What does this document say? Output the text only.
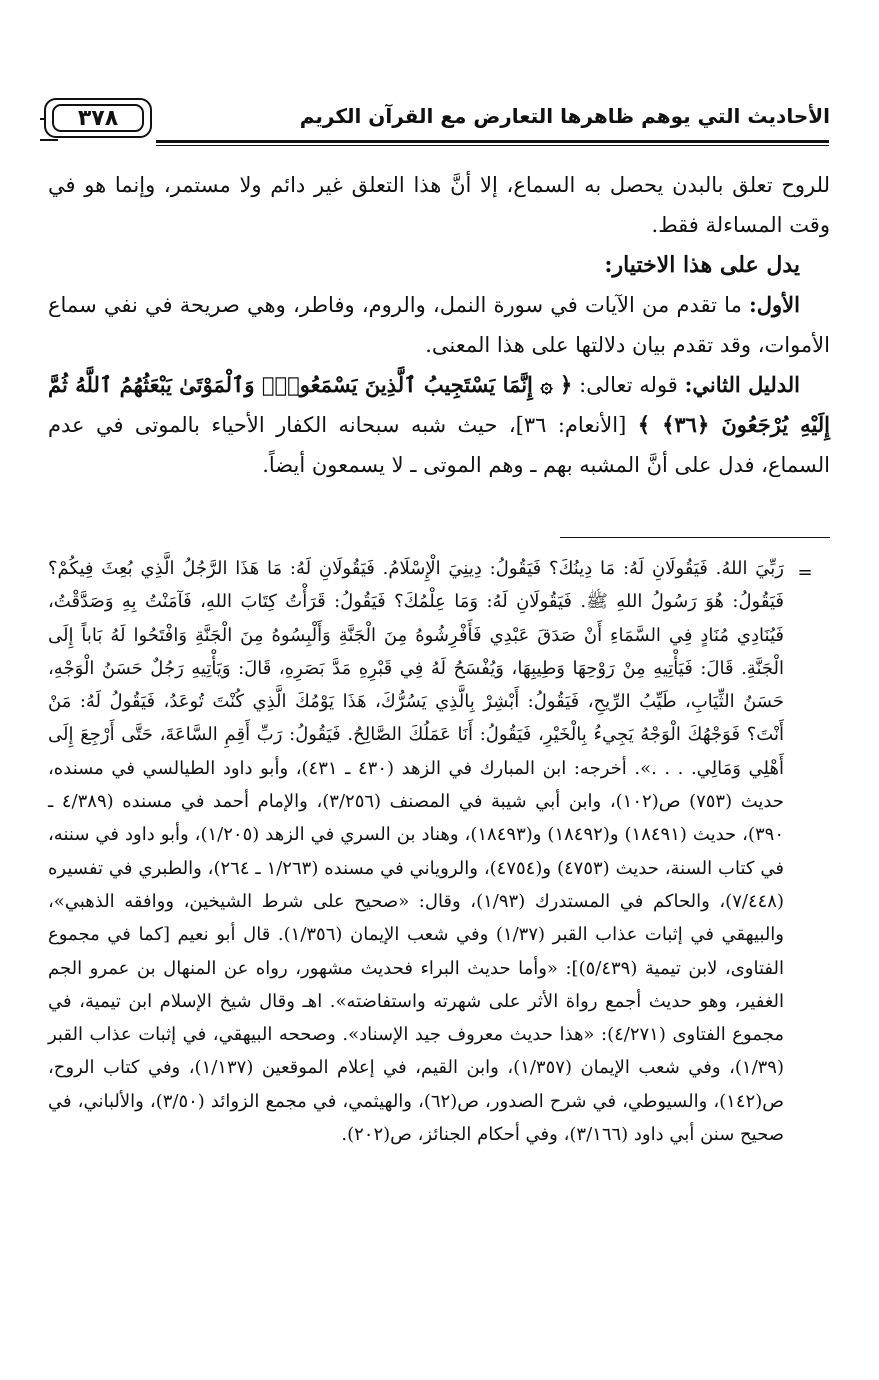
الأحاديث التي يوهم ظاهرها التعارض مع القرآن الكريم
٣٧٨

للروح تعلق بالبدن يحصل به السماع، إلا أنَّ هذا التعلق غير دائم ولا مستمر، وإنما هو في وقت المساءلة فقط.

يدل على هذا الاختيار:

الأول: ما تقدم من الآيات في سورة النمل، والروم، وفاطر، وهي صريحة في نفي سماع الأموات، وقد تقدم بيان دلالتها على هذا المعنى.

الدليل الثاني: قوله تعالى: ﴿ ۞ إِنَّمَا يَسْتَجِيبُ ٱلَّذِينَ يَسْمَعُونَۘ وَٱلْمَوْتَىٰ يَبْعَثُهُمُ ٱللَّهُ ثُمَّ إِلَيْهِ يُرْجَعُونَ ﴿٣٦﴾ ﴾ [الأنعام: ٣٦]، حيث شبه سبحانه الكفار الأحياء بالموتى في عدم السماع، فدل على أنَّ المشبه بهم ـ وهم الموتى ـ لا يسمعون أيضاً.

=

رَبِّيَ اللهُ. فَيَقُولَانِ لَهُ: مَا دِينُكَ؟ فَيَقُولُ: دِينِيَ الْإِسْلَامُ. فَيَقُولَانِ لَهُ: مَا هَذَا الرَّجُلُ الَّذِي بُعِثَ فِيكُمْ؟ فَيَقُولُ: هُوَ رَسُولُ اللهِ ﷺ. فَيَقُولَانِ لَهُ: وَمَا عِلْمُكَ؟ فَيَقُولُ: قَرَأْتُ كِتَابَ اللهِ، فَآمَنْتُ بِهِ وَصَدَّقْتُ، فَيُنَادِي مُنَادٍ فِي السَّمَاءِ أَنْ صَدَقَ عَبْدِي فَأَفْرِشُوهُ مِنَ الْجَنَّةِ وَأَلْبِسُوهُ مِنَ الْجَنَّةِ وَافْتَحُوا لَهُ بَاباً إِلَى الْجَنَّةِ. قَالَ: فَيَأْتِيهِ مِنْ رَوْحِهَا وَطِيبِهَا، وَيُفْسَحُ لَهُ فِي قَبْرِهِ مَدَّ بَصَرِهِ، قَالَ: وَيَأْتِيهِ رَجُلٌ حَسَنُ الْوَجْهِ، حَسَنُ الثِّيَابِ، طَيِّبُ الرِّيحِ، فَيَقُولُ: أَبْشِرْ بِالَّذِي يَسُرُّكَ، هَذَا يَوْمُكَ الَّذِي كُنْتَ تُوعَدُ، فَيَقُولُ لَهُ: مَنْ أَنْتَ؟ فَوَجْهُكَ الْوَجْهُ يَجِيءُ بِالْخَيْرِ، فَيَقُولُ: أَنَا عَمَلُكَ الصَّالِحُ. فَيَقُولُ: رَبِّ أَقِمِ السَّاعَةَ، حَتَّى أَرْجِعَ إِلَى أَهْلِي وَمَالِي. . . .». أخرجه: ابن المبارك في الزهد (٤٣٠ ـ ٤٣١)، وأبو داود الطيالسي في مسنده، حديث (٧٥٣) ص(١٠٢)، وابن أبي شيبة في المصنف (٣/٢٥٦)، والإمام أحمد في مسنده (٤/٣٨٩ ـ ٣٩٠)، حديث (١٨٤٩١) و(١٨٤٩٢) و(١٨٤٩٣)، وهناد بن السري في الزهد (١/٢٠٥)، وأبو داود في سننه، في كتاب السنة، حديث (٤٧٥٣) و(٤٧٥٤)، والروياني في مسنده (١/٢٦٣ ـ ٢٦٤)، والطبري في تفسيره (٧/٤٤٨)، والحاكم في المستدرك (١/٩٣)، وقال: «صحيح على شرط الشيخين، ووافقه الذهبي»، والبيهقي في إثبات عذاب القبر (١/٣٧) وفي شعب الإيمان (١/٣٥٦). قال أبو نعيم [كما في مجموع الفتاوى، لابن تيمية (٥/٤٣٩)]: «وأما حديث البراء فحديث مشهور، رواه عن المنهال بن عمرو الجم الغفير، وهو حديث أجمع رواة الأثر على شهرته واستفاضته». اهـ وقال شيخ الإسلام ابن تيمية، في مجموع الفتاوى (٤/٢٧١): «هذا حديث معروف جيد الإسناد». وصححه البيهقي، في إثبات عذاب القبر (١/٣٩)، وفي شعب الإيمان (١/٣٥٧)، وابن القيم، في إعلام الموقعين (١/١٣٧)، وفي كتاب الروح، ص(١٤٢)، والسيوطي، في شرح الصدور، ص(٦٢)، والهيثمي، في مجمع الزوائد (٣/٥٠)، والألباني، في صحيح سنن أبي داود (٣/١٦٦)، وفي أحكام الجنائز، ص(٢٠٢).
